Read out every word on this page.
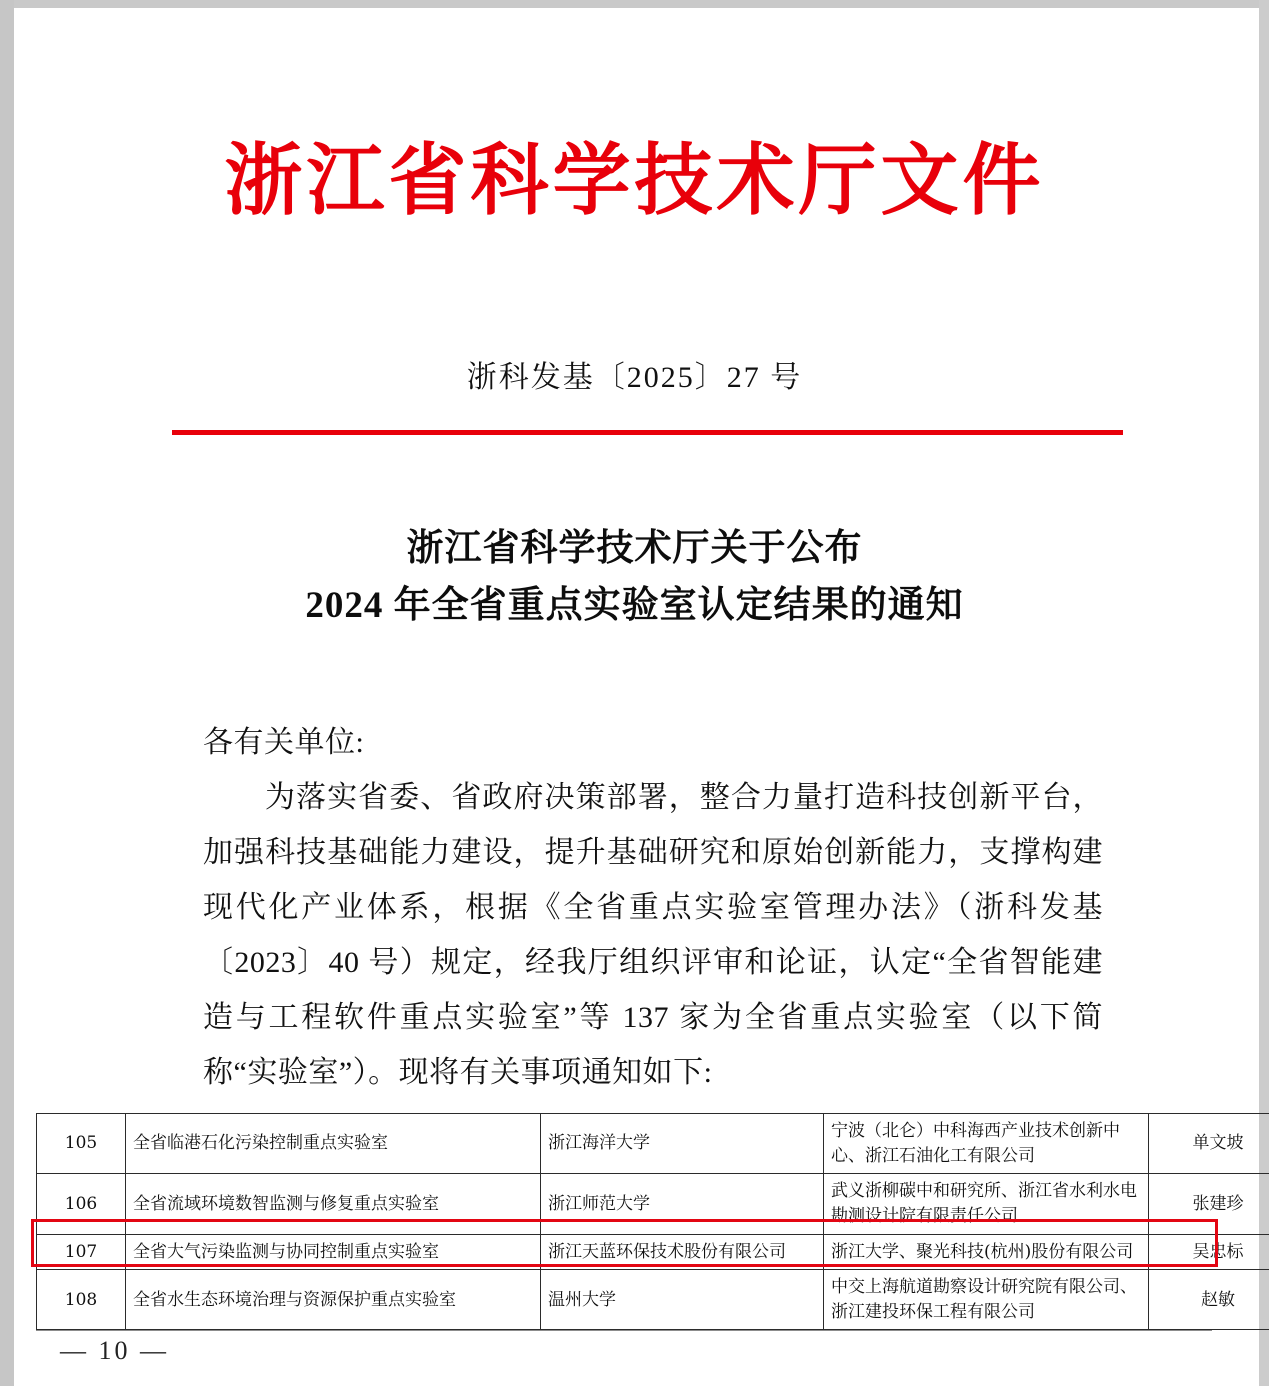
浙江省科学技术厅文件
浙科发基〔2025〕27 号
浙江省科学技术厅关于公布
2024 年全省重点实验室认定结果的通知

各有关单位:

为落实省委、省政府决策部署，整合力量打造科技创新平台，加强科技基础能力建设，提升基础研究和原始创新能力，支撑构建现代化产业体系，根据《全省重点实验室管理办法》（浙科发基〔2023〕40 号）规定，经我厅组织评审和论证，认定“全省智能建造与工程软件重点实验室”等 137 家为全省重点实验室（以下简称“实验室”）。现将有关事项通知如下:

105	全省临港石化污染控制重点实验室	浙江海洋大学	宁波（北仑）中科海西产业技术创新中心、浙江石油化工有限公司	单文坡
106	全省流域环境数智监测与修复重点实验室	浙江师范大学	武义浙柳碳中和研究所、浙江省水利水电勘测设计院有限责任公司	张建珍
107	全省大气污染监测与协同控制重点实验室	浙江天蓝环保技术股份有限公司	浙江大学、聚光科技(杭州)股份有限公司	吴忠标
108	全省水生态环境治理与资源保护重点实验室	温州大学	中交上海航道勘察设计研究院有限公司、浙江建投环保工程有限公司	赵敏
— 10 —
